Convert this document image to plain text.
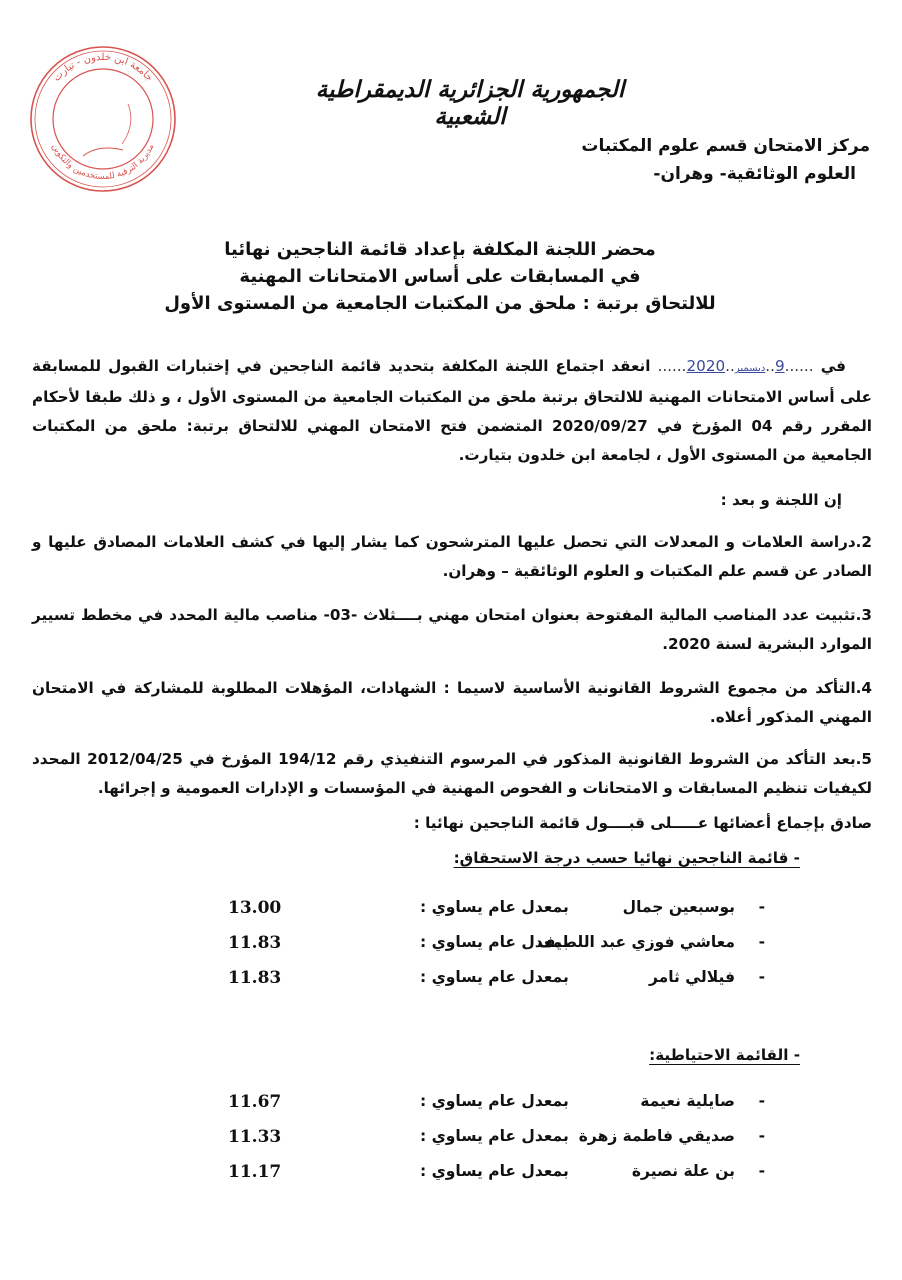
جامعة ابن خلدون - تيارت
مديرية الترقية للمستخدمين والتكوين
الجمهورية الجزائرية الديمقراطية الشعبية
مركز الامتحان قسم علوم المكتبات
العلوم الوثائقية- وهران-
محضر اللجنة المكلفة بإعداد قائمة الناجحين نهائيا
في المسابقات على أساس الامتحانات المهنية
للالتحاق برتبة : ملحق من المكتبات الجامعية من المستوى الأول
في ......9..ديسمبر..2020...... انعقد اجتماع اللجنة المكلفة بتحديد قائمة الناجحين في إختبارات القبول للمسابقة على أساس الامتحانات المهنية للالتحاق برتبة ملحق من المكتبات الجامعية من المستوى الأول ، و ذلك طبقا لأحكام المقرر رقم 04 المؤرخ في 2020/09/27 المتضمن فتح الامتحان المهني للالتحاق برتبة: ملحق من المكتبات الجامعية من المستوى الأول ، لجامعة ابن خلدون بتيارت.
إن اللجنة و بعد :
2.دراسة العلامات و المعدلات التي تحصل عليها المترشحون كما يشار إليها في كشف العلامات المصادق عليها و الصادر عن قسم علم المكتبات و العلوم الوثائقية – وهران.
3.تثبيت عدد المناصب المالية المفتوحة بعنوان امتحان مهني بــــثلاث -03- مناصب مالية المحدد في مخطط تسيير الموارد البشرية لسنة 2020.
4.التأكد من مجموع الشروط القانونية الأساسية لاسيما : الشهادات، المؤهلات المطلوبة للمشاركة في الامتحان المهني المذكور أعلاه.
5.بعد التأكد من الشروط القانونية المذكور في المرسوم التنفيذي رقم 194/12 المؤرخ في 2012/04/25 المحدد لكيفيات تنظيم المسابقات و الامتحانات و الفحوص المهنية في المؤسسات و الإدارات العمومية و إجرائها.
صادق بإجماع أعضائها عـــــلى قبــــول قائمة الناجحين نهائيا :
- قائمة الناجحين نهائيا حسب درجة الاستحقاق:
-
بوسبعين جمال
بمعدل عام يساوي :
13.00
-
معاشي فوزي عبد اللطيف
بمعدل عام يساوي :
11.83
-
فيلالي ثامر
بمعدل عام يساوي :
11.83
- القائمة الاحتياطية:
-
صايلية نعيمة
بمعدل عام يساوي :
11.67
-
صديقي فاطمة زهرة
بمعدل عام يساوي :
11.33
-
بن علة نصيرة
بمعدل عام يساوي :
11.17
